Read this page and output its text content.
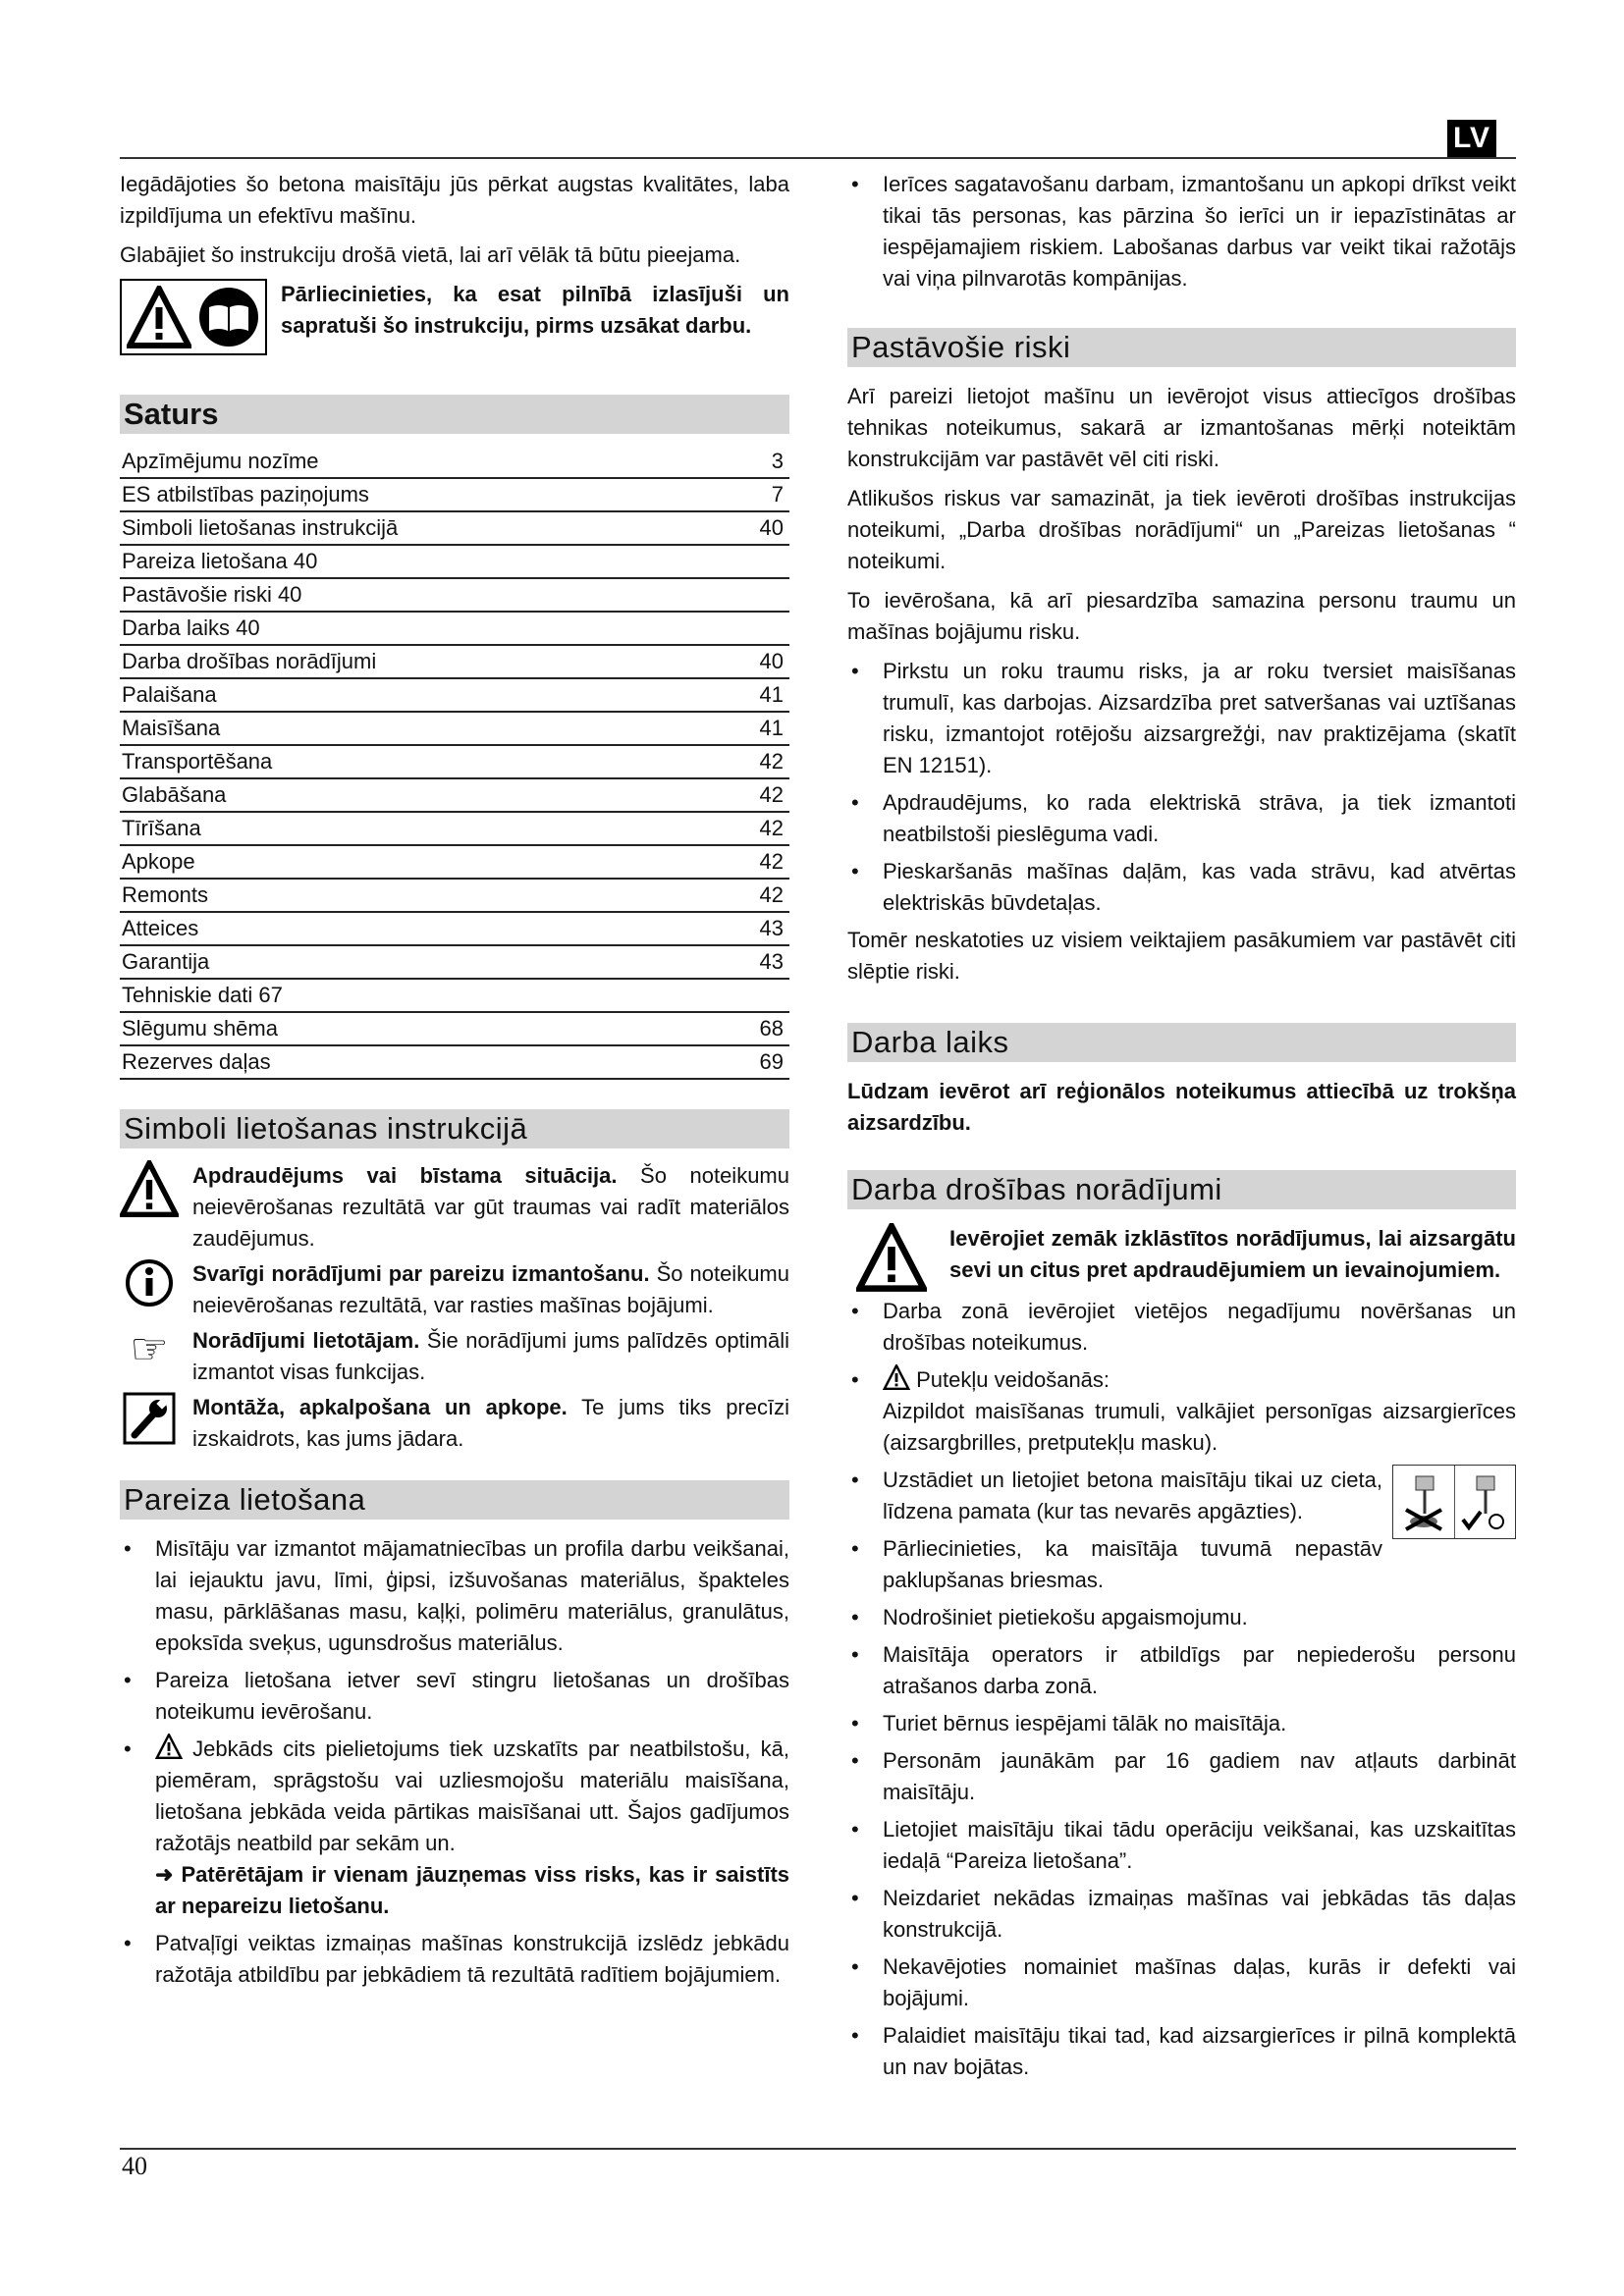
LV

Iegādājoties šo betona maisītāju jūs pērkat augstas kvalitātes, laba izpildījuma un efektīvu mašīnu.

Glabājiet šo instrukciju drošā vietā, lai arī vēlāk tā būtu pieejama.

Pārliecinieties, ka esat pilnībā izlasījuši un sapratuši šo instrukciju, pirms uzsākat darbu.
Saturs
Apzīmējumu nozīme	3
ES atbilstības paziņojums	7
Simboli lietošanas instrukcijā	40
Pareiza lietošana 40	
Pastāvošie riski 40	
Darba laiks 40	
Darba drošības norādījumi	40
Palaišana	41
Maisīšana	41
Transportēšana	42
Glabāšana	42
Tīrīšana	42
Apkope	42
Remonts	42
Atteices	43
Garantija	43
Tehniskie dati 67	
Slēgumu shēma	68
Rezerves daļas	69
Simboli lietošanas instrukcijā
Apdraudējums vai bīstama situācija. Šo noteikumu neievērošanas rezultātā var gūt traumas vai radīt materiālos zaudējumus.
Svarīgi norādījumi par pareizu izmantošanu. Šo noteikumu neievērošanas rezultātā, var rasties mašīnas bojājumi.
☞ Norādījumi lietotājam. Šie norādījumi jums palīdzēs optimāli izmantot visas funkcijas.
Montāža, apkalpošana un apkope. Te jums tiks precīzi izskaidrots, kas jums jādara.
Pareiza lietošana
• Misītāju var izmantot mājamatniecības un profila darbu veikšanai, lai iejauktu javu, līmi, ģipsi, izšuvošanas materiālus, špakteles masu, pārklāšanas masu, kaļķi, polimēru materiālus, granulātus, epoksīda sveķus, ugunsdrošus materiālus.
• Pareiza lietošana ietver sevī stingru lietošanas un drošības noteikumu ievērošanu.
• Jebkāds cits pielietojums tiek uzskatīts par neatbilstošu, kā, piemēram, sprāgstošu vai uzliesmojošu materiālu maisīšana, lietošana jebkāda veida pārtikas maisīšanai utt. Šajos gadījumos ražotājs neatbild par sekām un.
➜ Patērētājam ir vienam jāuzņemas viss risks, kas ir saistīts ar nepareizu lietošanu.
• Patvaļīgi veiktas izmaiņas mašīnas konstrukcijā izslēdz jebkādu ražotāja atbildību par jebkādiem tā rezultātā radītiem bojājumiem.
• Ierīces sagatavošanu darbam, izmantošanu un apkopi drīkst veikt tikai tās personas, kas pārzina šo ierīci un ir iepazīstinātas ar iespējamajiem riskiem. Labošanas darbus var veikt tikai ražotājs vai viņa pilnvarotās kompānijas.
Pastāvošie riski

Arī pareizi lietojot mašīnu un ievērojot visus attiecīgos drošības tehnikas noteikumus, sakarā ar izmantošanas mērķi noteiktām konstrukcijām var pastāvēt vēl citi riski.

Atlikušos riskus var samazināt, ja tiek ievēroti drošības instrukcijas noteikumi, „Darba drošības norādījumi“ un „Pareizas lietošanas “ noteikumi.

To ievērošana, kā arī piesardzība samazina personu traumu un mašīnas bojājumu risku.

• Pirkstu un roku traumu risks, ja ar roku tversiet maisīšanas trumulī, kas darbojas. Aizsardzība pret satveršanas vai uztīšanas risku, izmantojot rotējošu aizsargrežģi, nav praktizējama (skatīt EN 12151).
• Apdraudējums, ko rada elektriskā strāva, ja tiek izmantoti neatbilstoši pieslēguma vadi.
• Pieskaršanās mašīnas daļām, kas vada strāvu, kad atvērtas elektriskās būvdetaļas.

Tomēr neskatoties uz visiem veiktajiem pasākumiem var pastāvēt citi slēptie riski.

Darba laiks

Lūdzam ievērot arī reģionālos noteikumus attiecībā uz trokšņa aizsardzību.

Darba drošības norādījumi
Ievērojiet zemāk izklāstītos norādījumus, lai aizsargātu sevi un citus pret apdraudējumiem un ievainojumiem.
• Darba zonā ievērojiet vietējos negadījumu novēršanas un drošības noteikumus.
• Putekļu veidošanās:
Aizpildot maisīšanas trumuli, valkājiet personīgas aizsargierīces (aizsargbrilles, pretputekļu masku).
• Uzstādiet un lietojiet betona maisītāju tikai uz cieta, līdzena pamata (kur tas nevarēs apgāzties).
• Pārliecinieties, ka maisītāja tuvumā nepastāv paklupšanas briesmas.
• Nodrošiniet pietiekošu apgaismojumu.
• Maisītāja operators ir atbildīgs par nepiederošu personu atrašanos darba zonā.
• Turiet bērnus iespējami tālāk no maisītāja.
• Personām jaunākām par 16 gadiem nav atļauts darbināt maisītāju.
• Lietojiet maisītāju tikai tādu operāciju veikšanai, kas uzskaitītas iedaļā “Pareiza lietošana”.
• Neizdariet nekādas izmaiņas mašīnas vai jebkādas tās daļas konstrukcijā.
• Nekavējoties nomainiet mašīnas daļas, kurās ir defekti vai bojājumi.
• Palaidiet maisītāju tikai tad, kad aizsargierīces ir pilnā komplektā un nav bojātas.
40
